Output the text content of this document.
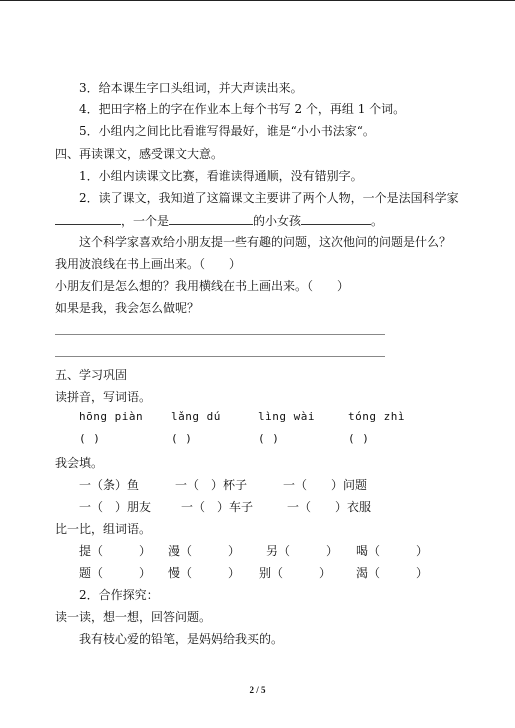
3．给本课生字口头组词，并大声读出来。
4．把田字格上的字在作业本上每个书写 2 个，再组 1 个词。
5．小组内之间比比看谁写得最好，谁是“小小书法家“。
四、再读课文，感受课文大意。
1．小组内读课文比赛，看谁读得通顺，没有错别字。
2．读了课文，我知道了这篇课文主要讲了两个人物，一个是法国科学家
，一个是	的小女孩	。
这个科学家喜欢给小朋友提一些有趣的问题，这次他问的问题是什么？
我用波浪线在书上画出来。（　　）
小朋友们是怎么想的？我用横线在书上画出来。（　　）
如果是我，我会怎么做呢？
五、学习巩固
读拼音，写词语。
hōng piàn	lǎng dú	lìng wài	tóng zhì
( )	( )	( )	( )
我会填。
一（条）鱼	一（　）杯子	一（　　）问题
一（　）朋友 一（　）车子	一（　　）衣服
比一比，组词语。
提（　　　） 漫（　　　） 另（　　　） 喝（　　　）
题（　　　） 慢（　　　） 别（　　　） 渴（　　　）
2．合作探究：
读一读，想一想，回答问题。
我有枝心爱的铅笔，是妈妈给我买的。
2 / 5
